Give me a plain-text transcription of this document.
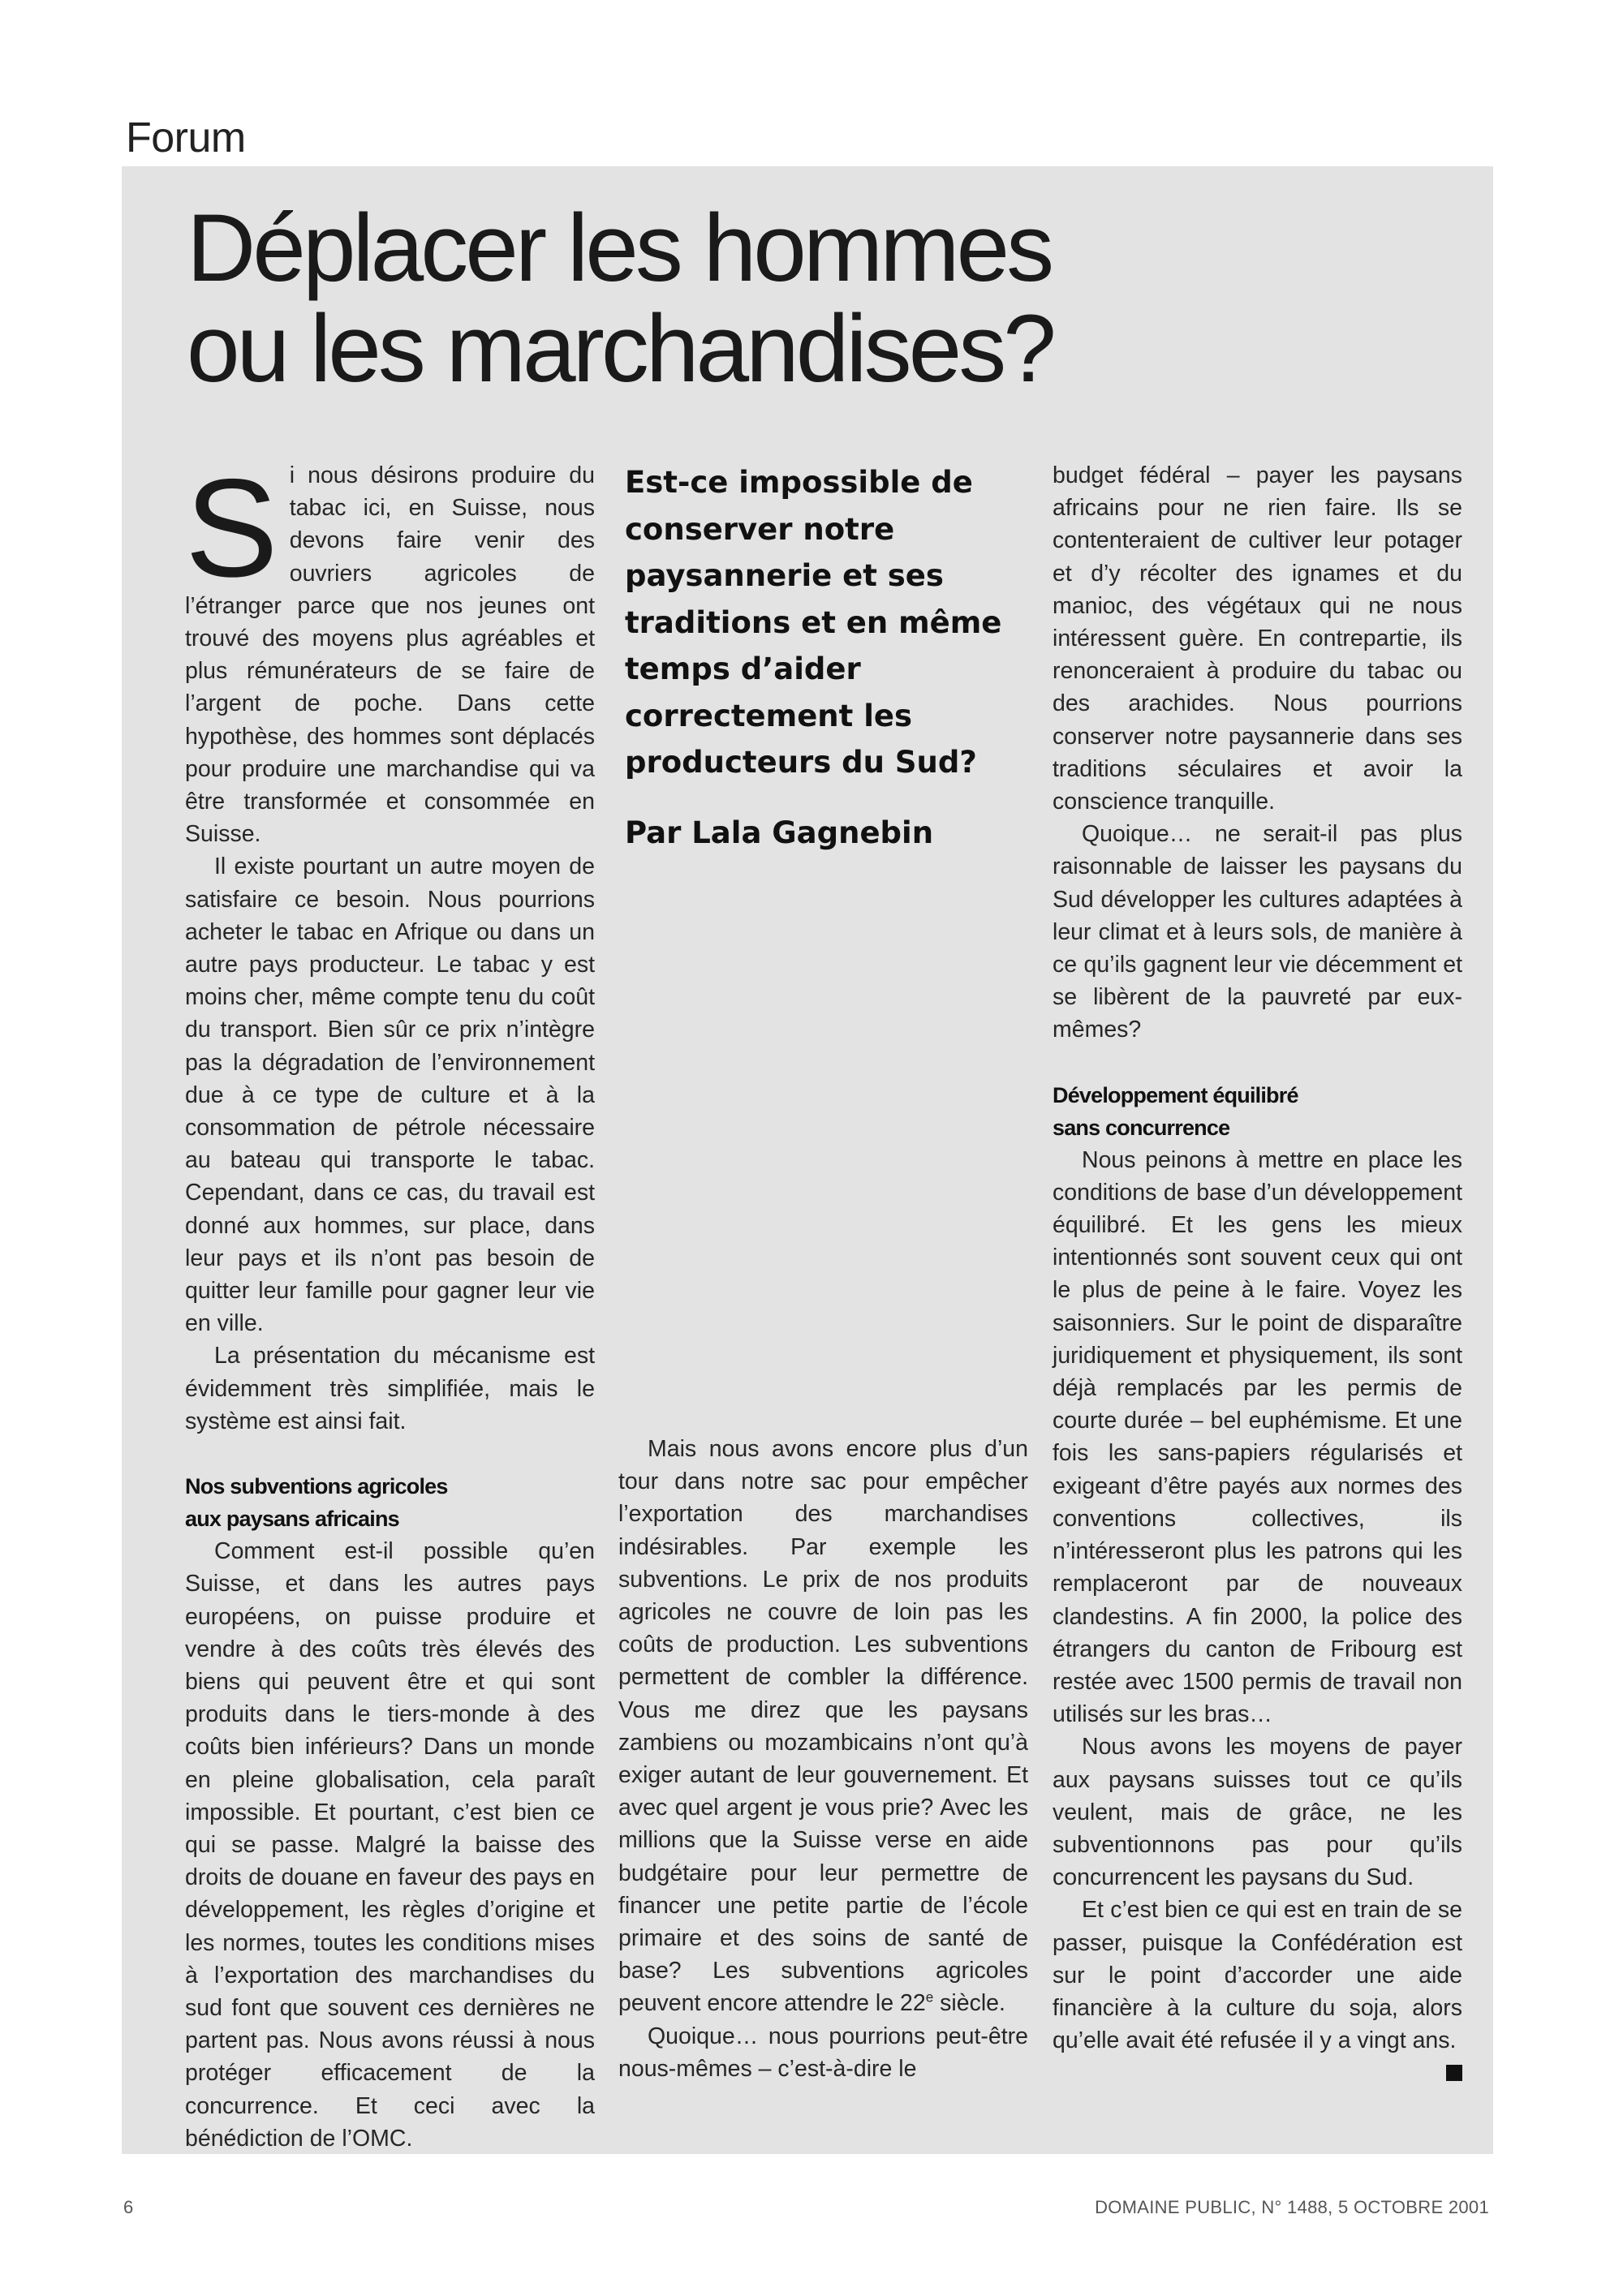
Forum
Déplacer les hommes
ou les marchandises?

Si nous désirons produire du tabac ici, en Suisse, nous devons faire venir des ouvriers agricoles de l’étranger parce que nos jeunes ont trouvé des moyens plus agréables et plus rémunérateurs de se faire de l’argent de poche. Dans cette hypothèse, des hommes sont déplacés pour produire une marchandise qui va être transformée et consommée en Suisse.

Il existe pourtant un autre moyen de satisfaire ce besoin. Nous pourrions acheter le tabac en Afrique ou dans un autre pays producteur. Le tabac y est moins cher, même compte tenu du coût du transport. Bien sûr ce prix n’intègre pas la dégradation de l’environnement due à ce type de culture et à la consommation de pétrole nécessaire au bateau qui transporte le tabac. Cependant, dans ce cas, du travail est donné aux hommes, sur place, dans leur pays et ils n’ont pas besoin de quitter leur famille pour gagner leur vie en ville.

La présentation du mécanisme est évidemment très simplifiée, mais le système est ainsi fait.

Nos subventions agricoles
aux paysans africains

Comment est-il possible qu’en Suisse, et dans les autres pays européens, on puisse produire et vendre à des coûts très élevés des biens qui peuvent être et qui sont produits dans le tiers-monde à des coûts bien inférieurs? Dans un monde en pleine globalisation, cela paraît impossible. Et pourtant, c’est bien ce qui se passe. Malgré la baisse des droits de douane en faveur des pays en développement, les règles d’origine et les normes, toutes les conditions mises à l’exportation des marchandises du sud font que souvent ces dernières ne partent pas. Nous avons réussi à nous protéger efficacement de la concurrence. Et ceci avec la bénédiction de l’OMC.

Est-ce impossible de conserver notre paysannerie et ses traditions et en même temps d’aider correctement les producteurs du Sud?

Par Lala Gagnebin

Mais nous avons encore plus d’un tour dans notre sac pour empêcher l’exportation des marchandises indésirables. Par exemple les subventions. Le prix de nos produits agricoles ne couvre de loin pas les coûts de production. Les subventions permettent de combler la différence. Vous me direz que les paysans zambiens ou mozambicains n’ont qu’à exiger autant de leur gouvernement. Et avec quel argent je vous prie? Avec les millions que la Suisse verse en aide budgétaire pour leur permettre de financer une petite partie de l’école primaire et des soins de santé de base? Les subventions agricoles peuvent encore attendre le 22e siècle.

Quoique… nous pourrions peut-être nous-mêmes – c’est-à-dire le

budget fédéral – payer les paysans africains pour ne rien faire. Ils se contenteraient de cultiver leur potager et d’y récolter des ignames et du manioc, des végétaux qui ne nous intéressent guère. En contrepartie, ils renonceraient à produire du tabac ou des arachides. Nous pourrions conserver notre paysannerie dans ses traditions séculaires et avoir la conscience tranquille.

Quoique… ne serait-il pas plus raisonnable de laisser les paysans du Sud développer les cultures adaptées à leur climat et à leurs sols, de manière à ce qu’ils gagnent leur vie décemment et se libèrent de la pauvreté par eux-mêmes?

Développement équilibré
sans concurrence

Nous peinons à mettre en place les conditions de base d’un développement équilibré. Et les gens les mieux intentionnés sont souvent ceux qui ont le plus de peine à le faire. Voyez les saisonniers. Sur le point de disparaître juridiquement et physiquement, ils sont déjà remplacés par les permis de courte durée – bel euphémisme. Et une fois les sans-papiers régularisés et exigeant d’être payés aux normes des conventions collectives, ils n’intéresseront plus les patrons qui les remplaceront par de nouveaux clandestins. A fin 2000, la police des étrangers du canton de Fribourg est restée avec 1500 permis de travail non utilisés sur les bras…

Nous avons les moyens de payer aux paysans suisses tout ce qu’ils veulent, mais de grâce, ne les subventionnons pas pour qu’ils concurrencent les paysans du Sud.

Et c’est bien ce qui est en train de se passer, puisque la Confédération est sur le point d’accorder une aide financière à la culture du soja, alors qu’elle avait été refusée il y a vingt ans.

6	DOMAINE PUBLIC, N° 1488, 5 OCTOBRE 2001
